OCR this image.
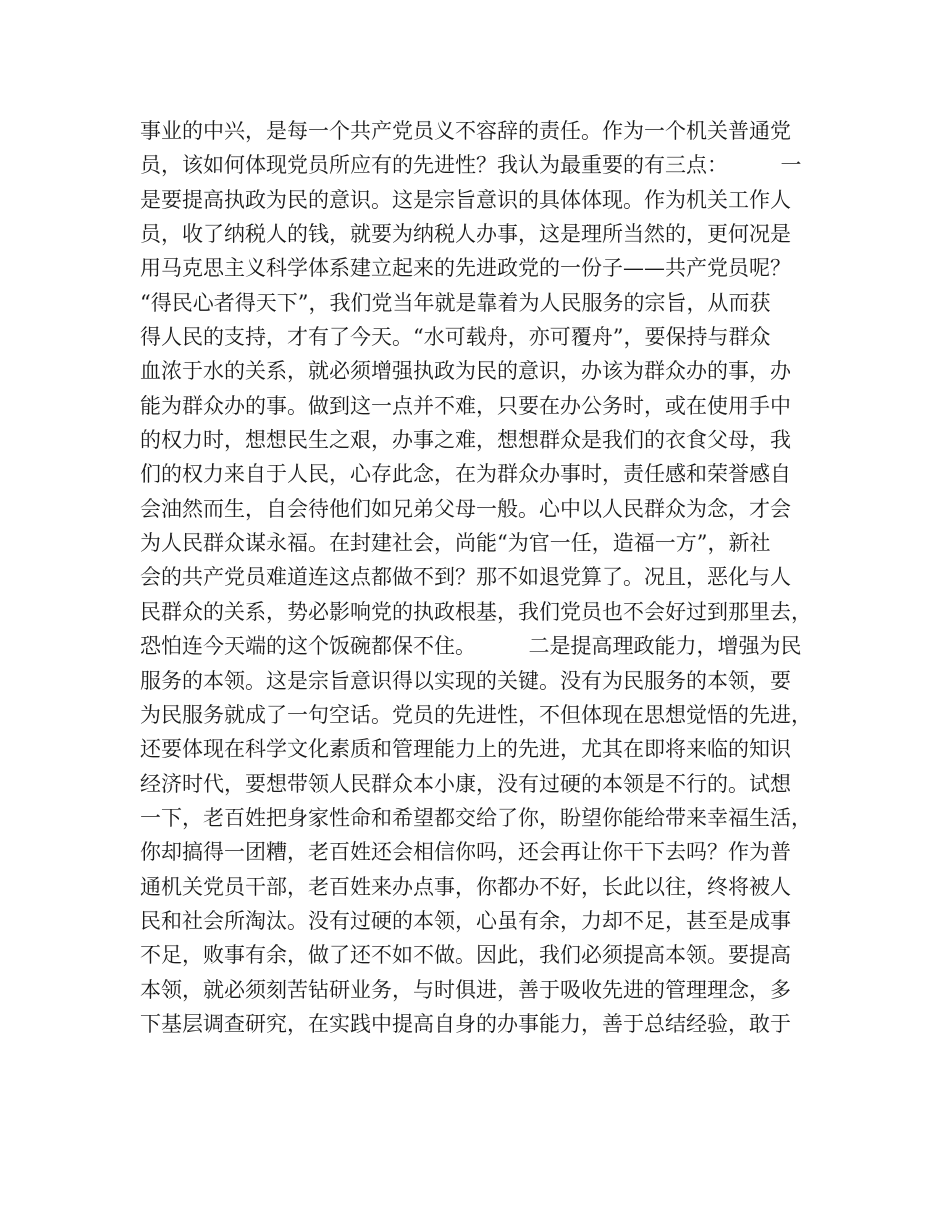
事业的中兴，是每一个共产党员义不容辞的责任。作为一个机关普通党
员，该如何体现党员所应有的先进性？我认为最重要的有三点：　　　一
是要提高执政为民的意识。这是宗旨意识的具体体现。作为机关工作人
员，收了纳税人的钱，就要为纳税人办事，这是理所当然的，更何况是
用马克思主义科学体系建立起来的先进政党的一份子——共产党员呢？
“得民心者得天下”，我们党当年就是靠着为人民服务的宗旨，从而获
得人民的支持，才有了今天。“水可载舟，亦可覆舟”，要保持与群众
血浓于水的关系，就必须增强执政为民的意识，办该为群众办的事，办
能为群众办的事。做到这一点并不难，只要在办公务时，或在使用手中
的权力时，想想民生之艰，办事之难，想想群众是我们的衣食父母，我
们的权力来自于人民，心存此念，在为群众办事时，责任感和荣誉感自
会油然而生，自会待他们如兄弟父母一般。心中以人民群众为念，才会
为人民群众谋永福。在封建社会，尚能“为官一任，造福一方”，新社
会的共产党员难道连这点都做不到？那不如退党算了。况且，恶化与人
民群众的关系，势必影响党的执政根基，我们党员也不会好过到那里去，
恐怕连今天端的这个饭碗都保不住。　　　二是提高理政能力，增强为民
服务的本领。这是宗旨意识得以实现的关键。没有为民服务的本领，要
为民服务就成了一句空话。党员的先进性，不但体现在思想觉悟的先进，
还要体现在科学文化素质和管理能力上的先进，尤其在即将来临的知识
经济时代，要想带领人民群众本小康，没有过硬的本领是不行的。试想
一下，老百姓把身家性命和希望都交给了你，盼望你能给带来幸福生活，
你却搞得一团糟，老百姓还会相信你吗，还会再让你干下去吗？作为普
通机关党员干部，老百姓来办点事，你都办不好，长此以往，终将被人
民和社会所淘汰。没有过硬的本领，心虽有余，力却不足，甚至是成事
不足，败事有余，做了还不如不做。因此，我们必须提高本领。要提高
本领，就必须刻苦钻研业务，与时俱进，善于吸收先进的管理理念，多
下基层调查研究，在实践中提高自身的办事能力，善于总结经验，敢于
